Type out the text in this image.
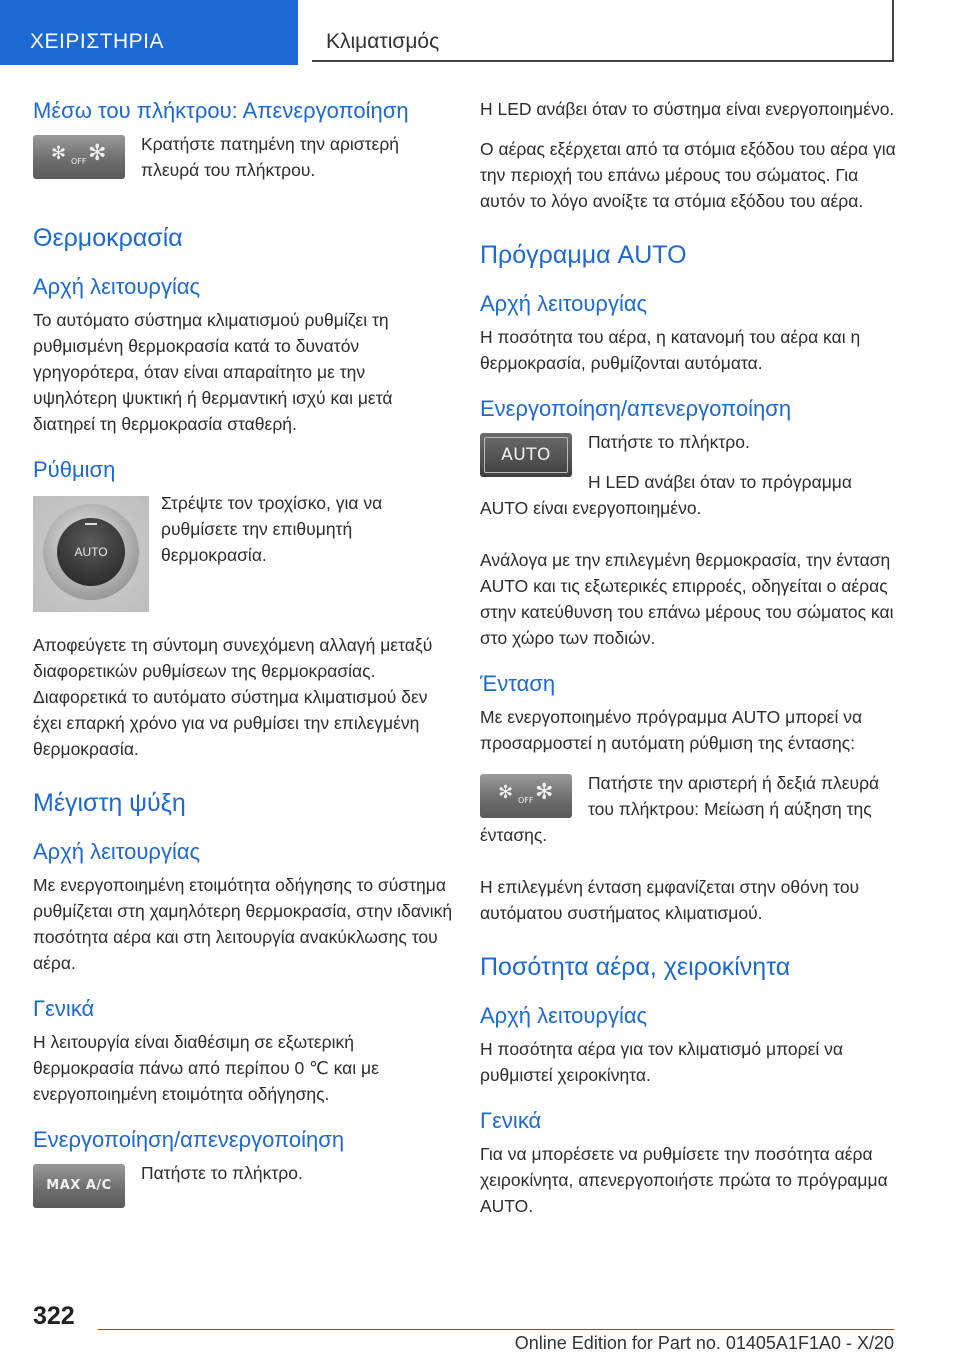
ΧΕΙΡΙΣΤΗΡΙΑ	Κλιματισμός
Μέσω του πλήκτρου: Απενεργοποίηση
✻ OFF ✻	Κρατήστε πατημένη την αριστερή πλευρά του πλήκτρου.

Θερμοκρασία
Αρχή λειτουργίας

Το αυτόματο σύστημα κλιματισμού ρυθμίζει τη ρυθμισμένη θερμοκρασία κατά το δυνατόν γρηγορότερα, όταν είναι απαραίτητο με την υψηλότερη ψυκτική ή θερμαντική ισχύ και μετά διατηρεί τη θερμοκρασία σταθερή.

Ρύθμιση
AUTO

Στρέψτε τον τροχίσκο, για να ρυθμίσετε την επιθυμητή θερμοκρασία.

Αποφεύγετε τη σύντομη συνεχόμενη αλλαγή μεταξύ διαφορετικών ρυθμίσεων της θερμοκρασίας. Διαφορετικά το αυτόματο σύστημα κλιματισμού δεν έχει επαρκή χρόνο για να ρυθμίσει την επιλεγμένη θερμοκρασία.

Μέγιστη ψύξη
Αρχή λειτουργίας

Με ενεργοποιημένη ετοιμότητα οδήγησης το σύστημα ρυθμίζεται στη χαμηλότερη θερμοκρασία, στην ιδανική ποσότητα αέρα και στη λειτουργία ανακύκλωσης του αέρα.

Γενικά

Η λειτουργία είναι διαθέσιμη σε εξωτερική θερμοκρασία πάνω από περίπου 0 ℃ και με ενεργοποιημένη ετοιμότητα οδήγησης.

Ενεργοποίηση/απενεργοποίηση
MAX A/C

Πατήστε το πλήκτρο.

Η LED ανάβει όταν το σύστημα είναι ενεργοποιημένο.

Ο αέρας εξέρχεται από τα στόμια εξόδου του αέρα για την περιοχή του επάνω μέρους του σώματος. Για αυτόν το λόγο ανοίξτε τα στόμια εξόδου του αέρα.

Πρόγραμμα AUTO
Αρχή λειτουργίας

Η ποσότητα του αέρα, η κατανομή του αέρα και η θερμοκρασία, ρυθμίζονται αυτόματα.

Ενεργοποίηση/απενεργοποίηση
AUTO

Πατήστε το πλήκτρο.

Η LED ανάβει όταν το πρόγραμμα AUTO είναι ενεργοποιημένο.

Ανάλογα με την επιλεγμένη θερμοκρασία, την ένταση AUTO και τις εξωτερικές επιρροές, οδηγείται ο αέρας στην κατεύθυνση του επάνω μέρους του σώματος και στο χώρο των ποδιών.

Ένταση

Με ενεργοποιημένο πρόγραμμα AUTO μπορεί να προσαρμοστεί η αυτόματη ρύθμιση της έντασης:

✻ OFF ✻	Πατήστε την αριστερή ή δεξιά πλευρά του πλήκτρου: Μείωση ή αύξηση της έντασης.

Η επιλεγμένη ένταση εμφανίζεται στην οθόνη του αυτόματου συστήματος κλιματισμού.

Ποσότητα αέρα, χειροκίνητα
Αρχή λειτουργίας

Η ποσότητα αέρα για τον κλιματισμό μπορεί να ρυθμιστεί χειροκίνητα.

Γενικά

Για να μπορέσετε να ρυθμίσετε την ποσότητα αέρα χειροκίνητα, απενεργοποιήστε πρώτα το πρόγραμμα AUTO.

322
Online Edition for Part no. 01405A1F1A0 - X/20
